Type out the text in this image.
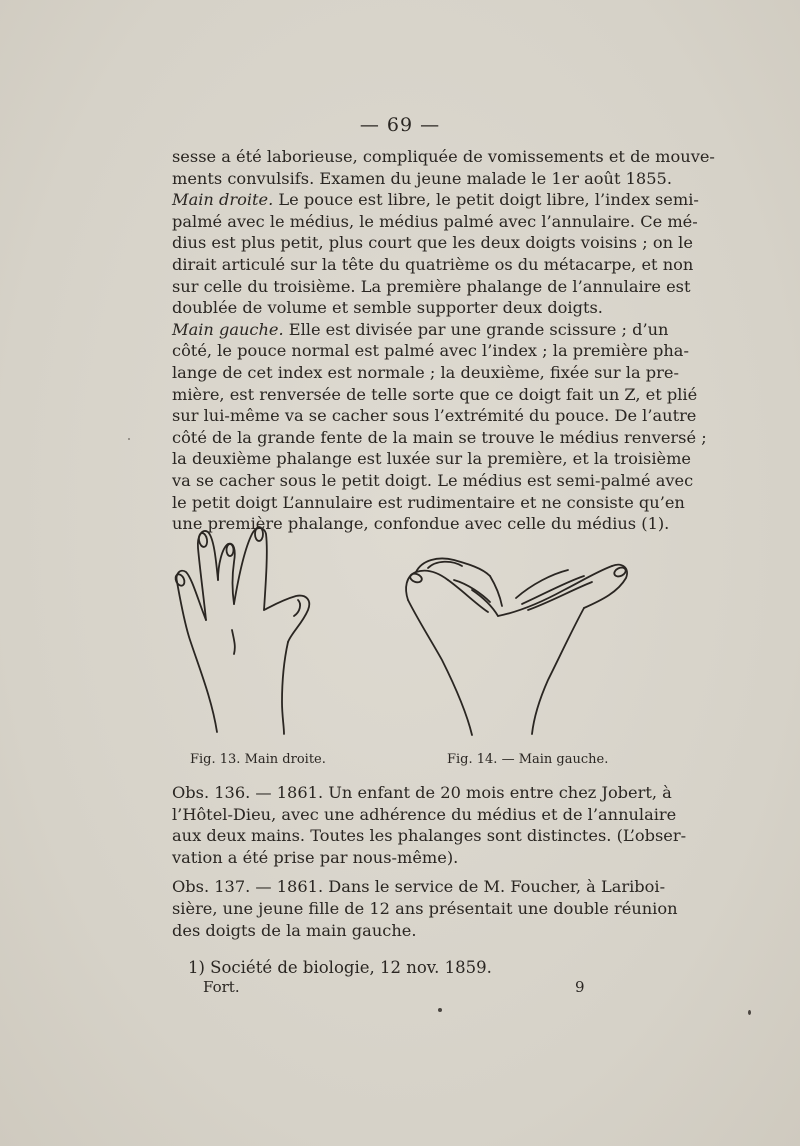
— 69 —
sesse a été laborieuse, compliquée de vomissements et de mouve-
ments convulsifs. Examen du jeune malade le 1er août 1855.
Main droite. Le pouce est libre, le petit doigt libre, l’index semi-
palmé avec le médius, le médius palmé avec l’annulaire. Ce mé-
dius est plus petit, plus court que les deux doigts voisins ; on le
dirait articulé sur la tête du quatrième os du métacarpe, et non
sur celle du troisième. La première phalange de l’annulaire est
doublée de volume et semble supporter deux doigts.
Main gauche. Elle est divisée par une grande scissure ; d’un
côté, le pouce normal est palmé avec l’index ; la première pha-
lange de cet index est normale ; la deuxième, fixée sur la pre-
mière, est renversée de telle sorte que ce doigt fait un Z, et plié
sur lui-même va se cacher sous l’extrémité du pouce. De l’autre
côté de la grande fente de la main se trouve le médius renversé ;
la deuxième phalange est luxée sur la première, et la troisième
va se cacher sous le petit doigt. Le médius est semi-palmé avec
le petit doigt L’annulaire est rudimentaire et ne consiste qu’en
une première phalange, confondue avec celle du médius (1).
Fig. 13. Main droite.	Fig. 14. — Main gauche.
Obs. 136. — 1861. Un enfant de 20 mois entre chez Jobert, à
l’Hôtel-Dieu, avec une adhérence du médius et de l’annulaire
aux deux mains. Toutes les phalanges sont distinctes. (L’obser-
vation a été prise par nous-même).
Obs. 137. — 1861. Dans le service de M. Foucher, à Lariboi-
sière, une jeune fille de 12 ans présentait une double réunion
des doigts de la main gauche.
1) Société de biologie, 12 nov. 1859.
Fort.	9
